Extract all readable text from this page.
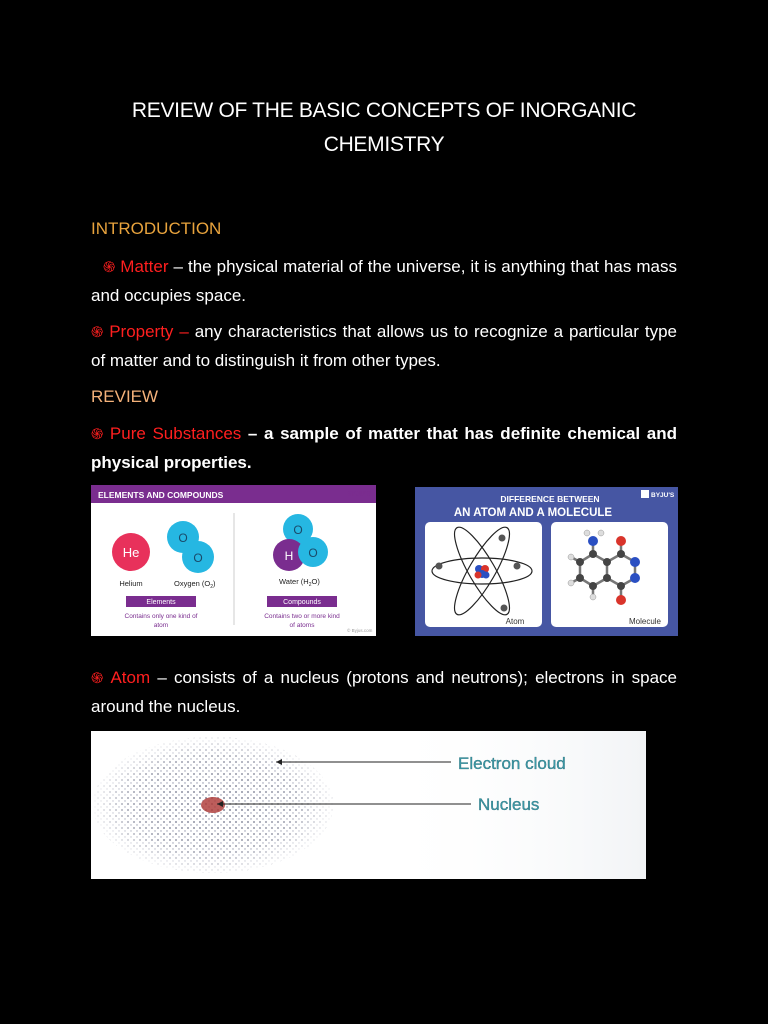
REVIEW OF THE BASIC CONCEPTS OF INORGANIC
CHEMISTRY
INTRODUCTION
֍ Matter – the physical material of the universe, it is anything that has mass and occupies space.
֍ Property – any characteristics that allows us to recognize a particular type of matter and to distinguish it from other types.
REVIEW
֍ Pure Substances – a sample of matter that has definite chemical and physical properties.
ELEMENTS AND COMPOUNDS	BYJU'S
He
Helium
O
O
Oxygen $(O_2)$
O
H O
Water $(H_2O)$
Elements
Contains only one kind of
atom
Compounds
Contains two or more kind
of atoms
© Byjus.com
DIFFERENCE BETWEEN
AN ATOM AND A MOLECULE
BYJU'S
Atom	Molecule
֍ Atom – consists of a nucleus (protons and neutrons); electrons in space around the nucleus.
Electron cloud
Nucleus
